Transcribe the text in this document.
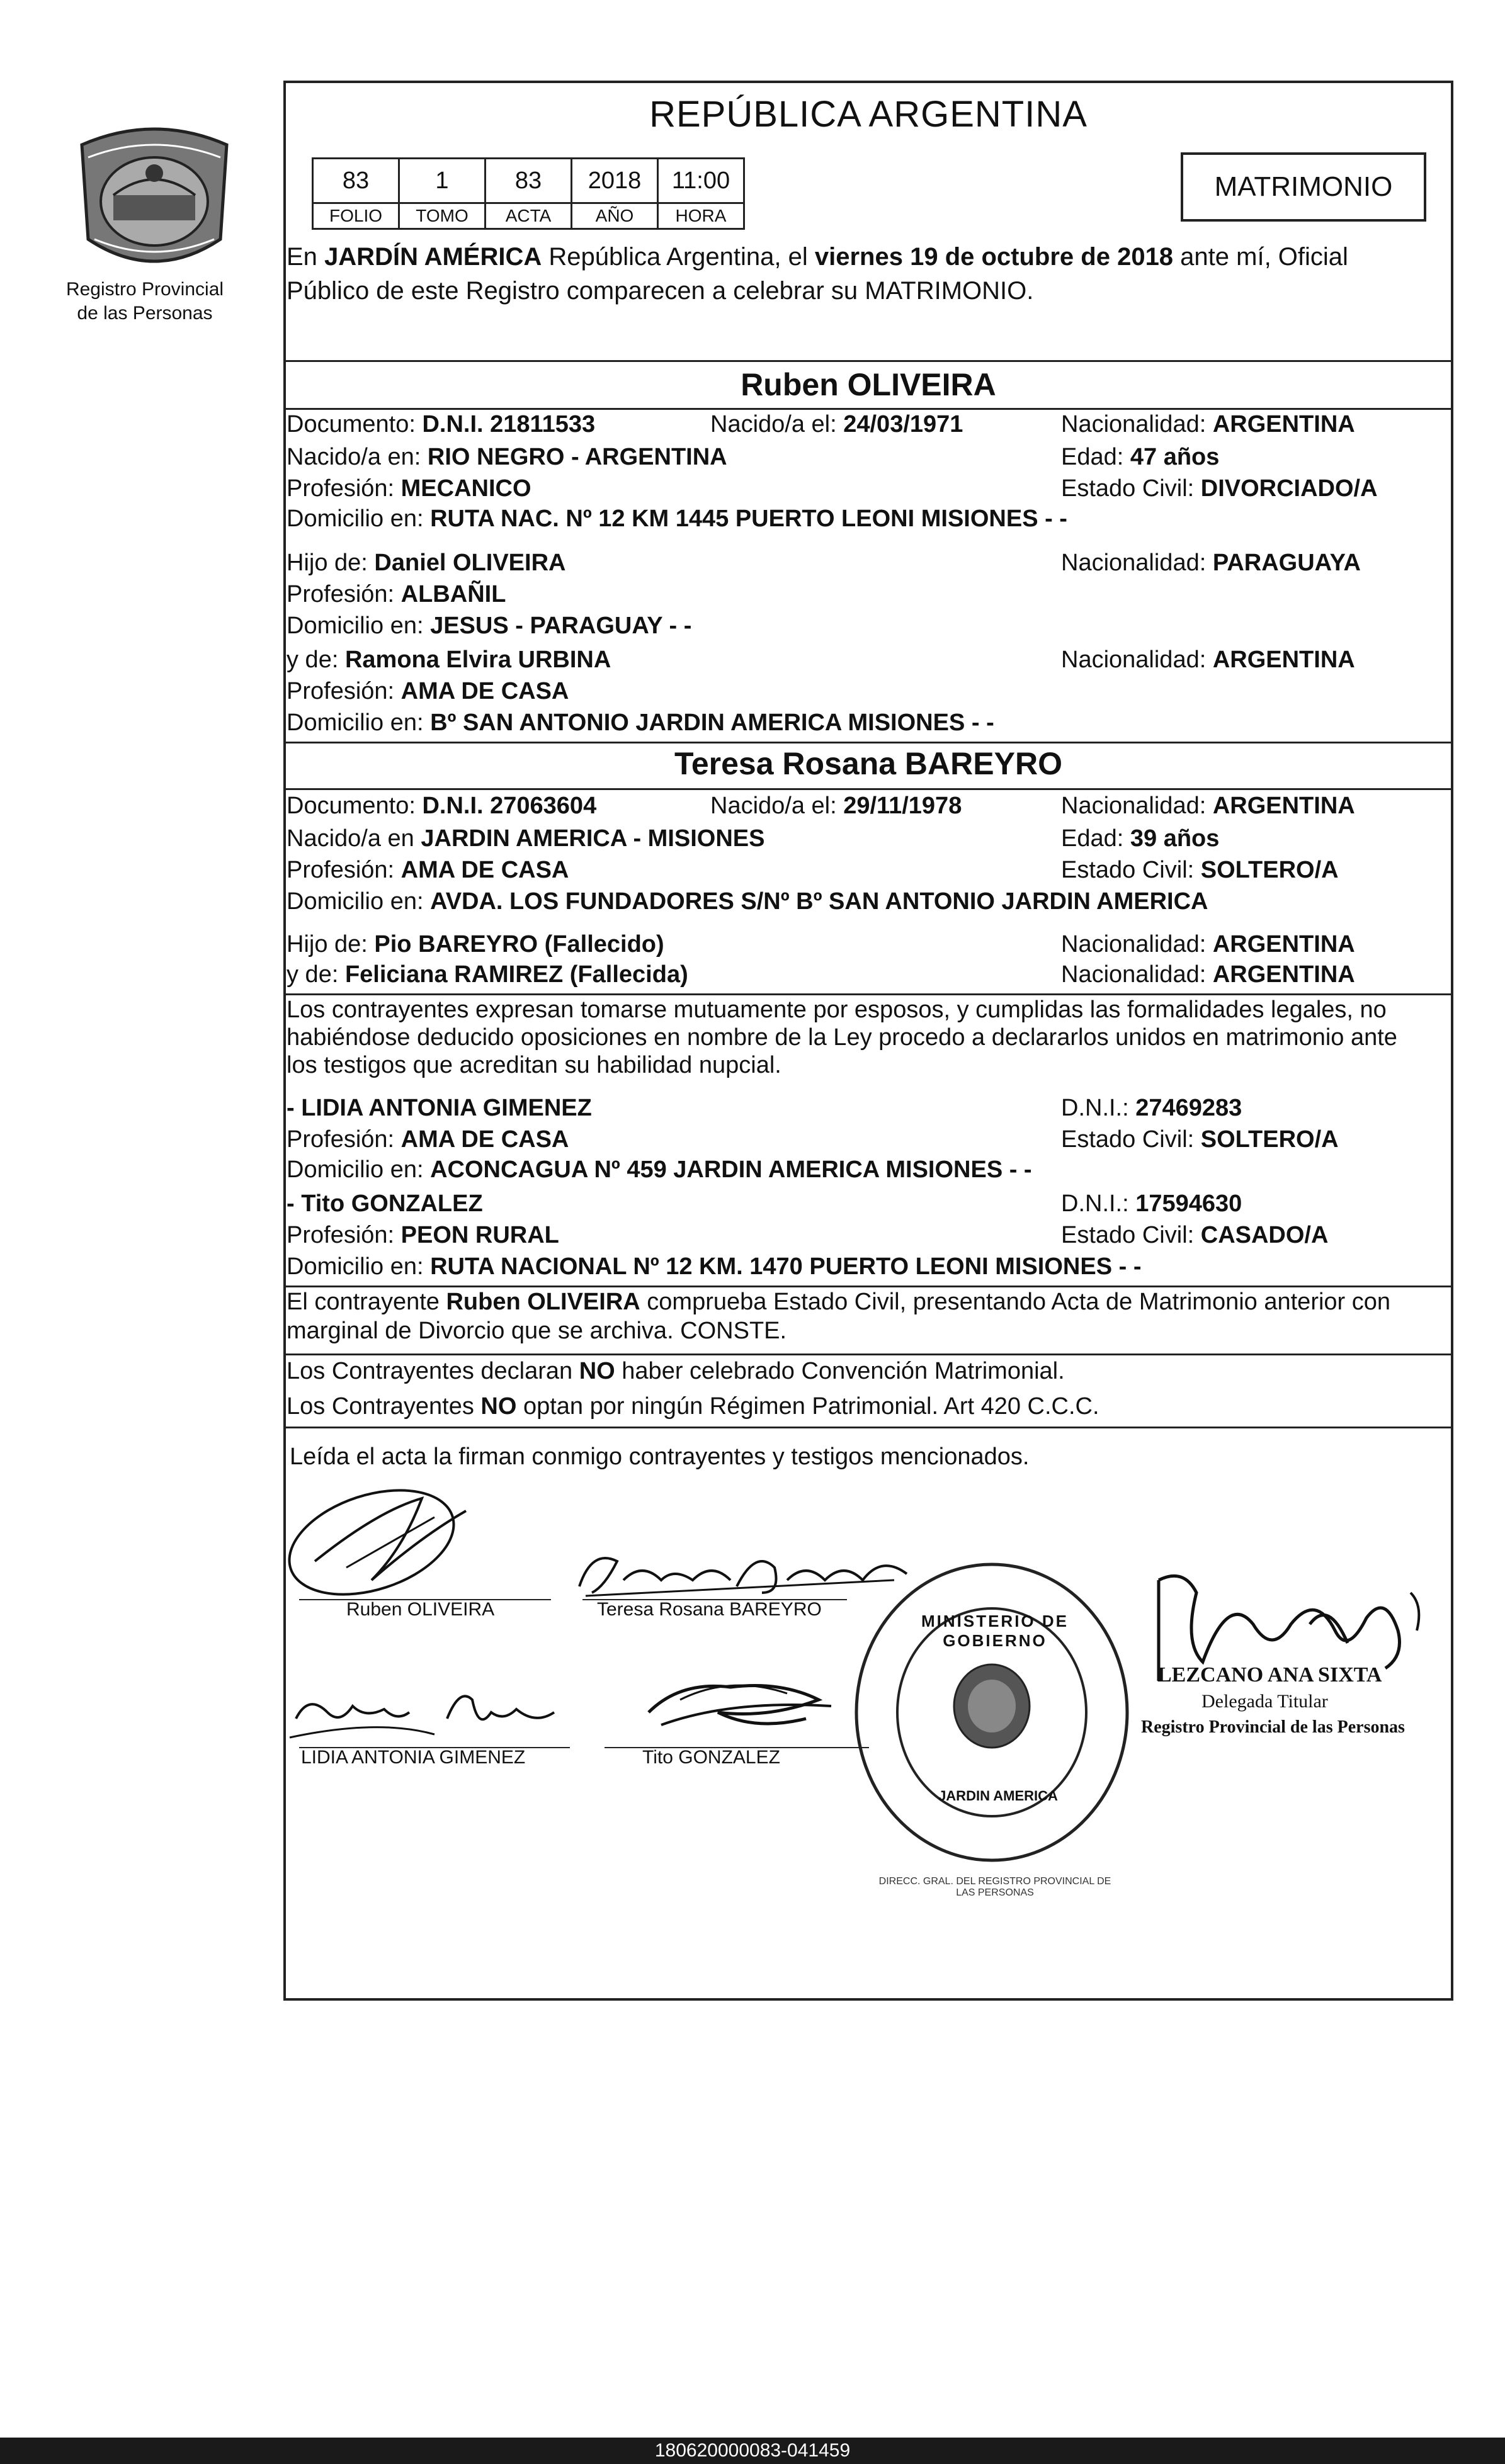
Registro Provincial
de las Personas
REPÚBLICA ARGENTINA
83	1	83	2018	11:00
FOLIO	TOMO	ACTA	AÑO	HORA
MATRIMONIO
En JARDÍN AMÉRICA República Argentina, el viernes 19 de octubre de 2018 ante mí, Oficial
Público de este Registro comparecen a celebrar su MATRIMONIO.
Ruben OLIVEIRA
Documento: D.N.I. 21811533	Nacido/a el: 24/03/1971	Nacionalidad: ARGENTINA
Nacido/a en: RIO NEGRO - ARGENTINA	Edad: 47 años
Profesión: MECANICO	Estado Civil: DIVORCIADO/A
Domicilio en: RUTA NAC. Nº 12 KM 1445 PUERTO LEONI MISIONES - -
Hijo de: Daniel OLIVEIRA	Nacionalidad: PARAGUAYA
Profesión: ALBAÑIL
Domicilio en: JESUS - PARAGUAY - -
y de: Ramona Elvira URBINA	Nacionalidad: ARGENTINA
Profesión: AMA DE CASA
Domicilio en: Bº SAN ANTONIO JARDIN AMERICA MISIONES - -
Teresa Rosana BAREYRO
Documento: D.N.I. 27063604	Nacido/a el: 29/11/1978	Nacionalidad: ARGENTINA
Nacido/a en JARDIN AMERICA - MISIONES	Edad: 39 años
Profesión: AMA DE CASA	Estado Civil: SOLTERO/A
Domicilio en: AVDA. LOS FUNDADORES S/Nº Bº SAN ANTONIO JARDIN AMERICA
Hijo de: Pio BAREYRO (Fallecido)	Nacionalidad: ARGENTINA
y de: Feliciana RAMIREZ (Fallecida)	Nacionalidad: ARGENTINA
Los contrayentes expresan tomarse mutuamente por esposos, y cumplidas las formalidades legales, no
habiéndose deducido oposiciones en nombre de la Ley procedo a declararlos unidos en matrimonio ante
los testigos que acreditan su habilidad nupcial.
- LIDIA ANTONIA GIMENEZ	D.N.I.: 27469283
Profesión: AMA DE CASA	Estado Civil: SOLTERO/A
Domicilio en: ACONCAGUA Nº 459 JARDIN AMERICA MISIONES - -
- Tito GONZALEZ	D.N.I.: 17594630
Profesión: PEON RURAL	Estado Civil: CASADO/A
Domicilio en: RUTA NACIONAL Nº 12 KM. 1470 PUERTO LEONI MISIONES - -
El contrayente Ruben OLIVEIRA comprueba Estado Civil, presentando Acta de Matrimonio anterior con
marginal de Divorcio que se archiva. CONSTE.
Los Contrayentes declaran NO haber celebrado Convención Matrimonial.
Los Contrayentes NO optan por ningún Régimen Patrimonial. Art 420 C.C.C.
Leída el acta la firman conmigo contrayentes y testigos mencionados.
Ruben OLIVEIRA	Teresa Rosana BAREYRO
LIDIA ANTONIA GIMENEZ	Tito GONZALEZ
DIRECC. GRAL. DEL REGISTRO PROVINCIAL DE LAS PERSONAS
MINISTERIO DE GOBIERNO
JARDIN AMERICA
LEZCANO ANA SIXTA
Delegada Titular
Registro Provincial de las Personas
180620000083-041459
